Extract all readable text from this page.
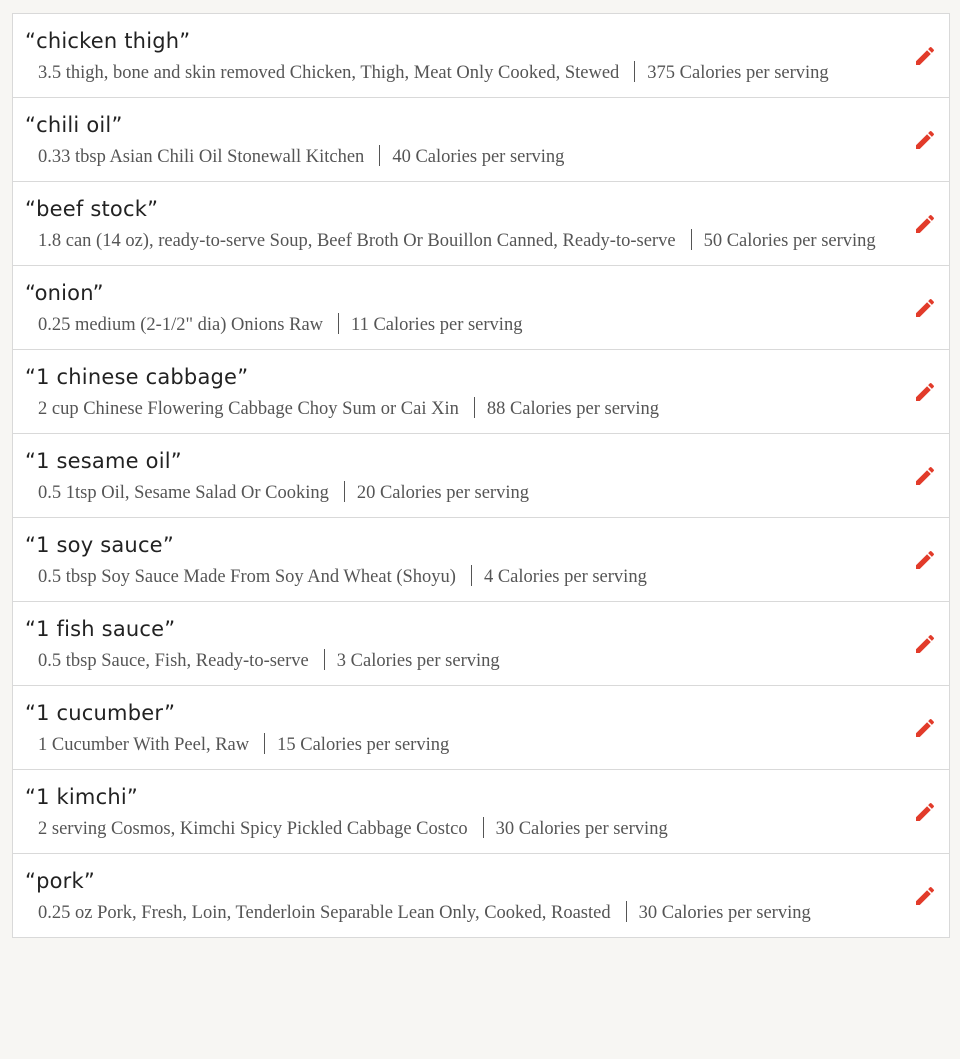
“chicken thigh”
3.5 thigh, bone and skin removed Chicken, Thigh, Meat Only Cooked, Stewed 375 Calories per serving
“chili oil”
0.33 tbsp Asian Chili Oil Stonewall Kitchen 40 Calories per serving
“beef stock”
1.8 can (14 oz), ready-to-serve Soup, Beef Broth Or Bouillon Canned, Ready-to-serve 50 Calories per serving
“onion”
0.25 medium (2-1/2" dia) Onions Raw 11 Calories per serving
“1 chinese cabbage”
2 cup Chinese Flowering Cabbage Choy Sum or Cai Xin 88 Calories per serving
“1 sesame oil”
0.5 1tsp Oil, Sesame Salad Or Cooking 20 Calories per serving
“1 soy sauce”
0.5 tbsp Soy Sauce Made From Soy And Wheat (Shoyu) 4 Calories per serving
“1 fish sauce”
0.5 tbsp Sauce, Fish, Ready-to-serve 3 Calories per serving
“1 cucumber”
1 Cucumber With Peel, Raw 15 Calories per serving
“1 kimchi”
2 serving Cosmos, Kimchi Spicy Pickled Cabbage Costco 30 Calories per serving
“pork”
0.25 oz Pork, Fresh, Loin, Tenderloin Separable Lean Only, Cooked, Roasted 30 Calories per serving
